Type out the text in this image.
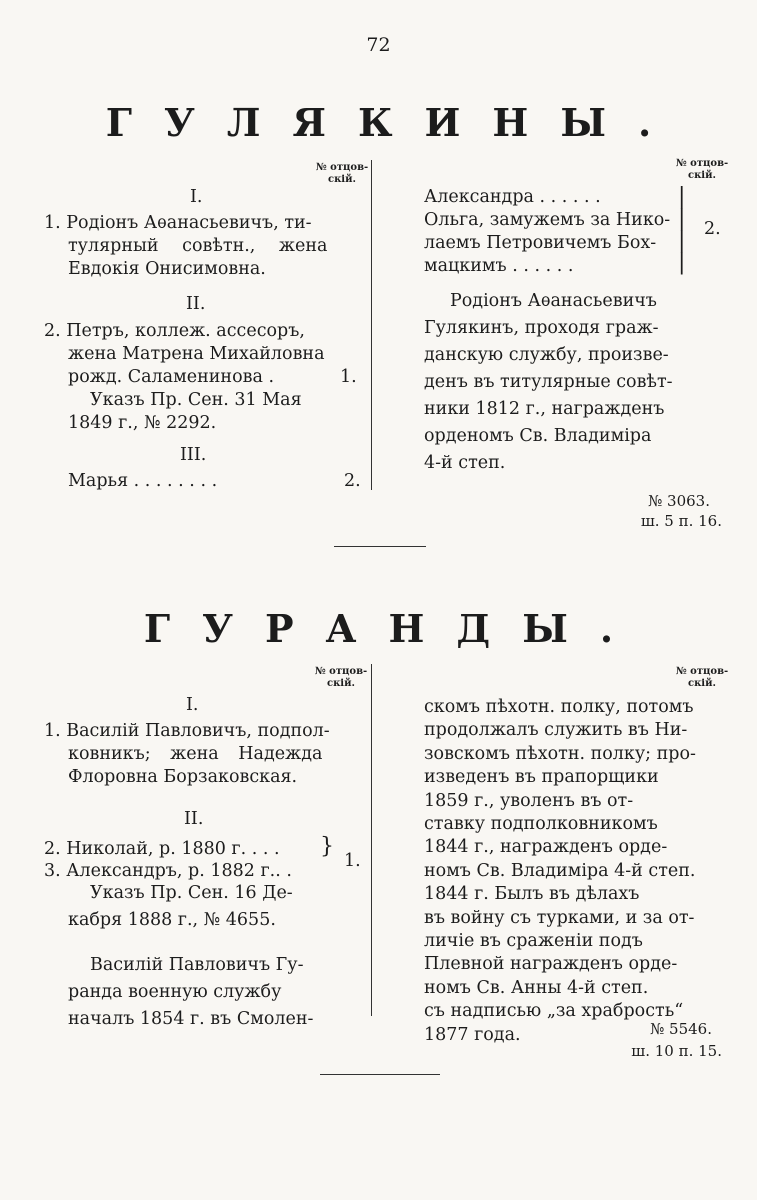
72
ГУЛЯКИНЫ.
№ отцов-
скій.
№ отцов-
скій.
I.
1. Родіонъ Аѳанасьевичъ, ти-
тулярный совѣтн., жена
Евдокія Онисимовна.
II.
2. Петръ, коллеж. ассесоръ,
жена Матрена Михайловна
рожд. Саламенинова .
Указъ Пр. Сен. 31 Мая
1849 г., № 2292.
1.
III.
Марья . . . . . . . .	2.
Александра . . . . . .
Ольга, замужемъ за Нико-
лаемъ Петровичемъ Бох-
мацкимъ . . . . . .
|
|
|
|
2.
Родіонъ Аѳанасьевичъ
Гулякинъ, проходя граж-
данскую службу, произве-
денъ въ титулярные совѣт-
ники 1812 г., награжденъ
орденомъ Св. Владиміра
4-й степ.
№ 3063.
ш. 5 п. 16.
ГУРАНДЫ.
№ отцов-
скій.
№ отцов-
скій.
I.
1. Василій Павловичъ, подпол-
ковникъ; жена Надежда
Флоровна Борзаковская.
II.
2. Николай, р. 1880 г. . . .
3. Александръ, р. 1882 г.. .
}
1.
Указъ Пр. Сен. 16 Де-
кабря 1888 г., № 4655.
Василій Павловичъ Гу-
ранда военную службу
началъ 1854 г. въ Смолен-
скомъ пѣхотн. полку, потомъ
продолжалъ служить въ Ни-
зовскомъ пѣхотн. полку; про-
изведенъ въ прапорщики
1859 г., уволенъ въ от-
ставку подполковникомъ
1844 г., награжденъ орде-
номъ Св. Владиміра 4-й степ.
1844 г. Былъ въ дѣлахъ
въ войну съ турками, и за от-
личіе въ сраженіи подъ
Плевной награжденъ орде-
номъ Св. Анны 4-й степ.
съ надписью „за храбрость“
1877 года.	№ 5546.
ш. 10 п. 15.
